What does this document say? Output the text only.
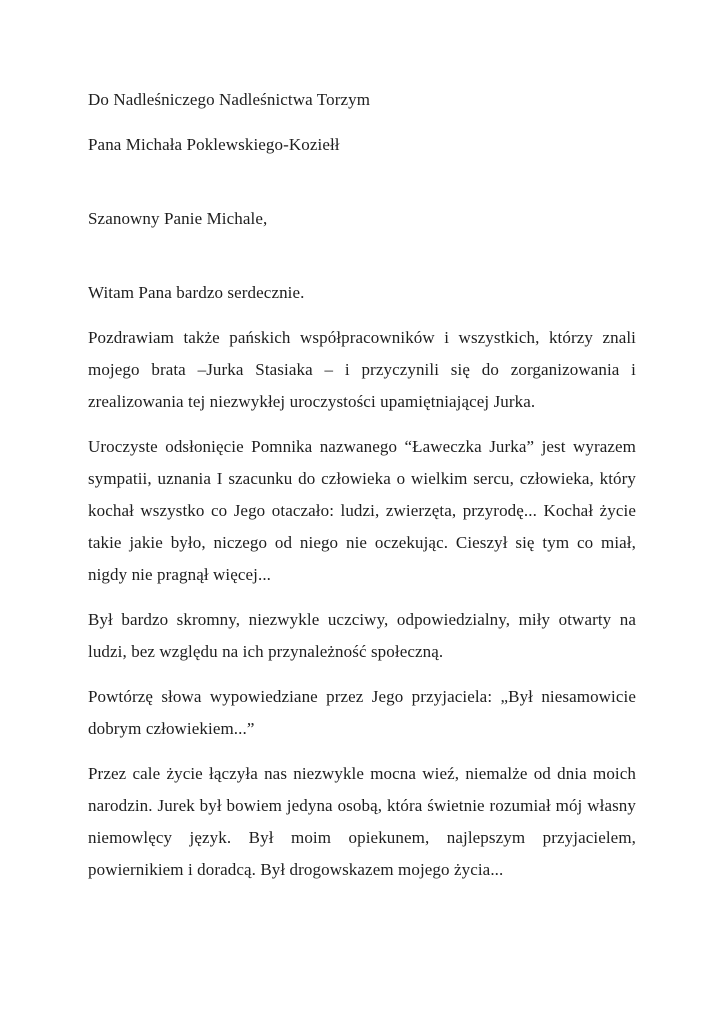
Do Nadleśniczego Nadleśnictwa Torzym

Pana Michała Poklewskiego-Koziełł

Szanowny Panie Michale,

Witam Pana bardzo serdecznie.

Pozdrawiam także pańskich współpracowników i wszystkich, którzy znali mojego brata –Jurka Stasiaka – i przyczynili się do zorganizowania i zrealizowania tej niezwykłej uroczystości upamiętniającej Jurka.

Uroczyste odsłonięcie Pomnika nazwanego “Ławeczka Jurka” jest wyrazem sympatii, uznania I szacunku do człowieka o wielkim sercu, człowieka, który kochał wszystko co Jego otaczało: ludzi, zwierzęta, przyrodę... Kochał życie takie jakie było, niczego od niego nie oczekując. Cieszył się tym co miał, nigdy nie pragnął więcej...

Był bardzo skromny, niezwykle uczciwy, odpowiedzialny, miły otwarty na ludzi, bez względu na ich przynależność społeczną.

Powtórzę słowa wypowiedziane przez Jego przyjaciela: „Był niesamowicie dobrym człowiekiem...”

Przez cale życie łączyła nas niezwykle mocna wieź, niemalże od dnia moich narodzin. Jurek był bowiem jedyna osobą, która świetnie rozumiał mój własny niemowlęcy język. Był moim opiekunem, najlepszym przyjacielem, powiernikiem i doradcą. Był drogowskazem mojego życia...
